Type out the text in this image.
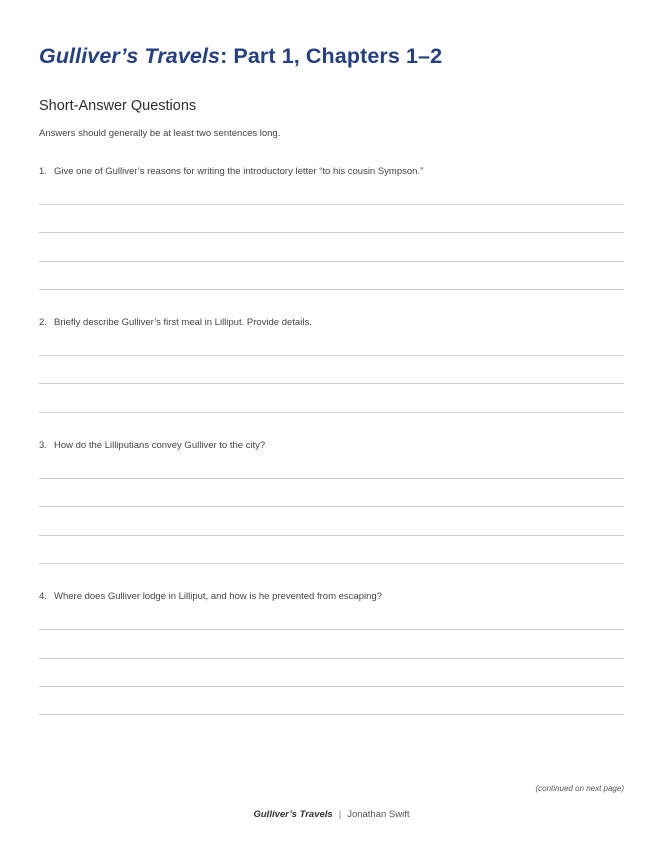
Gulliver’s Travels: Part 1, Chapters 1–2
Short-Answer Questions
Answers should generally be at least two sentences long.
1. Give one of Gulliver’s reasons for writing the introductory letter “to his cousin Sympson.”
2. Briefly describe Gulliver’s first meal in Lilliput. Provide details.
3. How do the Lilliputians convey Gulliver to the city?
4. Where does Gulliver lodge in Lilliput, and how is he prevented from escaping?
(continued on next page)
Gulliver’s Travels | Jonathan Swift
